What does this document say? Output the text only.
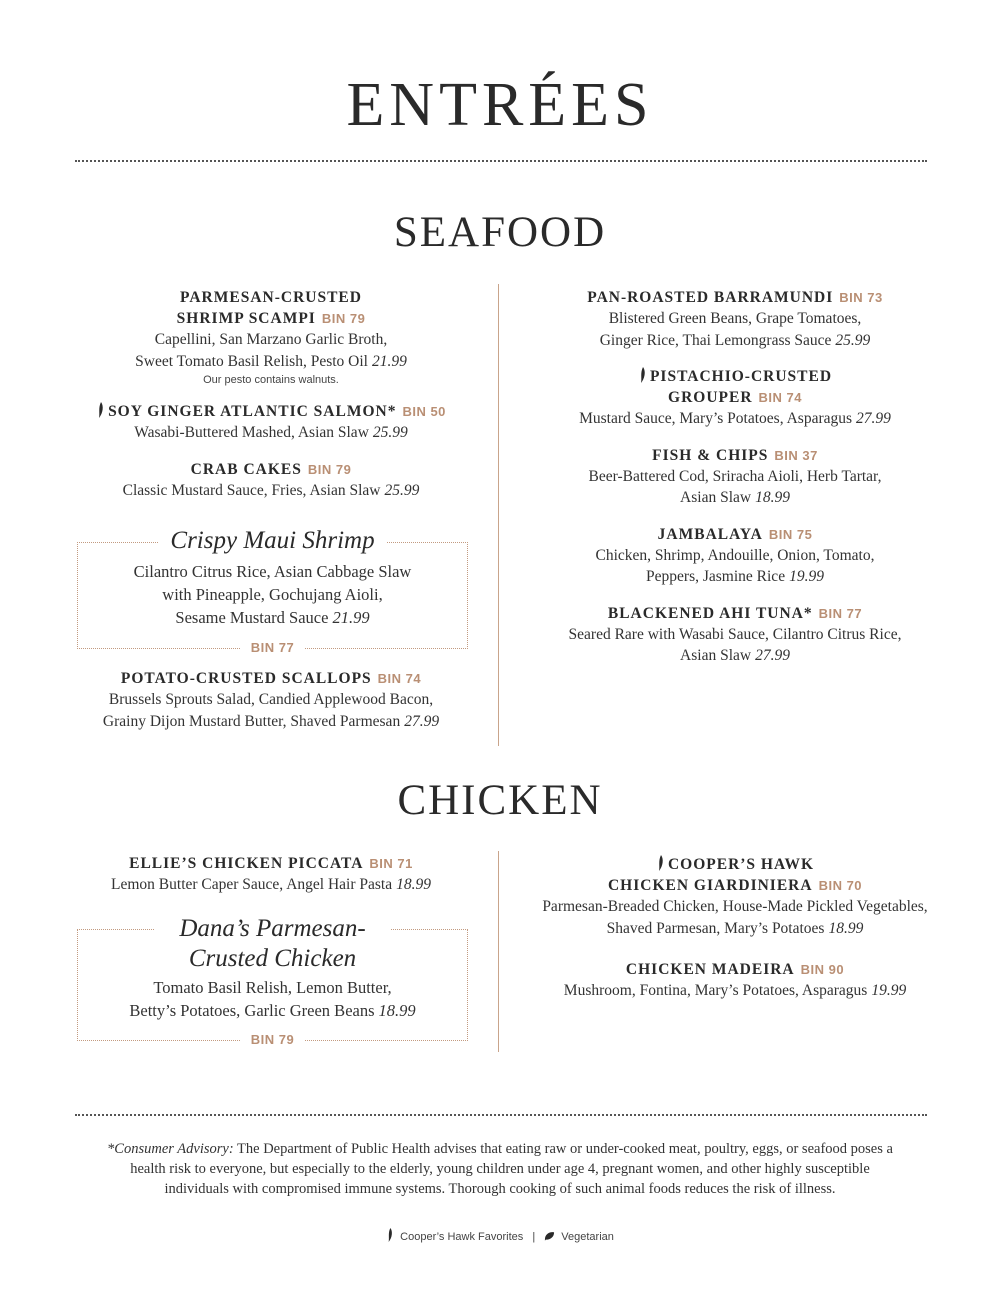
ENTRÉES
SEAFOOD
PARMESAN-CRUSTED
SHRIMP SCAMPI BIN 79
Capellini, San Marzano Garlic Broth,
Sweet Tomato Basil Relish, Pesto Oil 21.99
Our pesto contains walnuts.
SOY GINGER ATLANTIC SALMON* BIN 50
Wasabi-Buttered Mashed, Asian Slaw 25.99
CRAB CAKES BIN 79
Classic Mustard Sauce, Fries, Asian Slaw 25.99
Crispy Maui Shrimp
Cilantro Citrus Rice, Asian Cabbage Slaw
with Pineapple, Gochujang Aioli,
Sesame Mustard Sauce 21.99
BIN 77
POTATO-CRUSTED SCALLOPS BIN 74
Brussels Sprouts Salad, Candied Applewood Bacon,
Grainy Dijon Mustard Butter, Shaved Parmesan 27.99
PAN-ROASTED BARRAMUNDI BIN 73
Blistered Green Beans, Grape Tomatoes,
Ginger Rice, Thai Lemongrass Sauce 25.99
PISTACHIO-CRUSTED
GROUPER BIN 74
Mustard Sauce, Mary’s Potatoes, Asparagus 27.99
FISH & CHIPS BIN 37
Beer-Battered Cod, Sriracha Aioli, Herb Tartar,
Asian Slaw 18.99
JAMBALAYA BIN 75
Chicken, Shrimp, Andouille, Onion, Tomato,
Peppers, Jasmine Rice 19.99
BLACKENED AHI TUNA* BIN 77
Seared Rare with Wasabi Sauce, Cilantro Citrus Rice,
Asian Slaw 27.99
CHICKEN
ELLIE’S CHICKEN PICCATA BIN 71
Lemon Butter Caper Sauce, Angel Hair Pasta 18.99
Dana’s Parmesan-
Crusted Chicken
Tomato Basil Relish, Lemon Butter,
Betty’s Potatoes, Garlic Green Beans 18.99
BIN 79
COOPER’S HAWK
CHICKEN GIARDINIERA BIN 70
Parmesan-Breaded Chicken, House-Made Pickled Vegetables,
Shaved Parmesan, Mary’s Potatoes 18.99
CHICKEN MADEIRA BIN 90
Mushroom, Fontina, Mary’s Potatoes, Asparagus 19.99
*Consumer Advisory: The Department of Public Health advises that eating raw or under-cooked meat, poultry, eggs, or seafood poses a health risk to everyone, but especially to the elderly, young children under age 4, pregnant women, and other highly susceptible individuals with compromised immune systems. Thorough cooking of such animal foods reduces the risk of illness.
Cooper’s Hawk Favorites | Vegetarian
